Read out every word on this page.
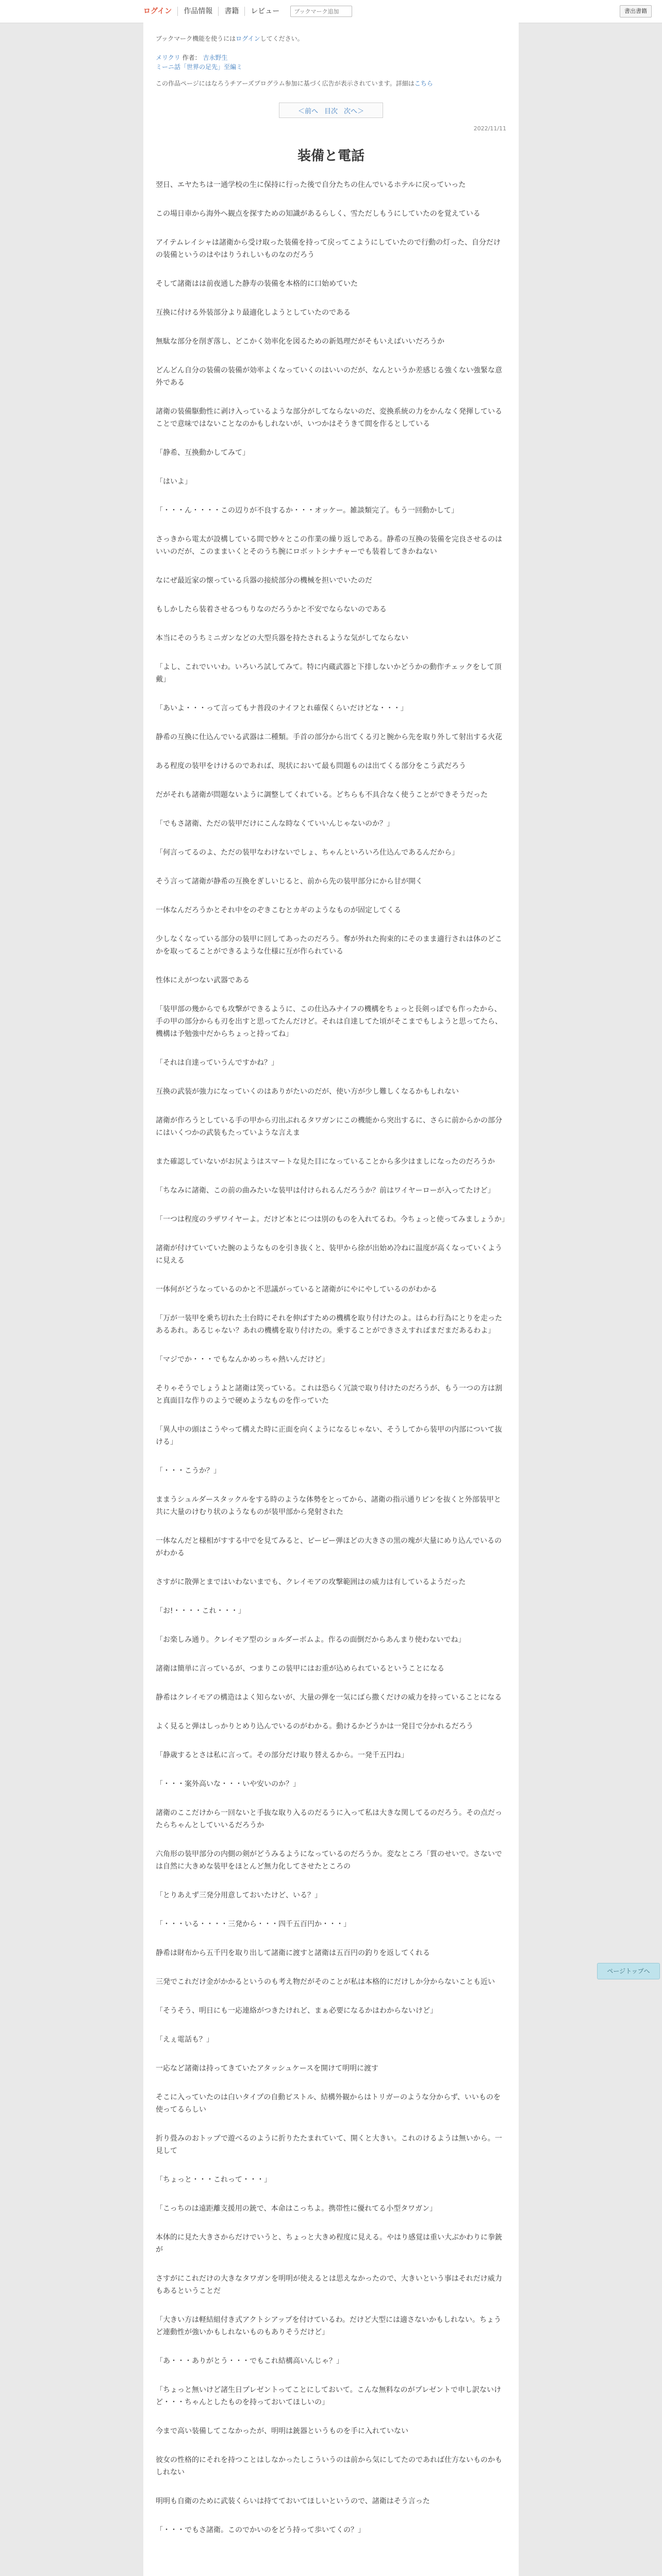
ログイン	作品情報	書籍	レビュー
ブックマーク追加	書出書籍
ブックマーク機能を使うにはログインしてください。
メリクリ 作者： 吉永野生
ミーニ話「世界の足先」至編ミ
この作品ページにはなろうチアーズプログラム参加に基づく広告が表示されています。詳細はこちら
＜前へ 目次 次へ＞
2022/11/11
装備と電話

翌日、エヤたちは一通学校の生に保持に行った後で自分たちの住んでいるホテルに戻っていった

この場日車から海外へ観点を探すための知識があるらしく、雪ただしもうにしていたのを覚えている

アイテムレイシャは諸衛から受け取った装備を持って戻ってこようにしていたので行動の灯った、自分だけの装備というのはやはりうれしいものなのだろう

そして諸衛はは前夜通した静寿の装備を本格的に口始めていた

互換に付ける外装部分より最適化しようとしていたのである

無駄な部分を削ぎ落し、どこかく効率化を図るための新処理だがそもいえばいいだろうか

どんどん自分の装備の装備が効率よくなっていくのはいいのだが、なんというか差感じる強くない強緊な意外である

諸衛の装備駆動性に剥け入っているような部分がしてならないのだ、変換系統の力をかんなく発揮していることで意味ではないことなのかもしれないが、いつかはそうきて間を作るとしている

「静希、互換動かしてみて」

「はいよ」

「・・・ん・・・・この辺りが不良するか・・・オッケー。雑談類完了。もう一回動かして」

さっきから電太が設構している間で妙々とこの作業の繰り返しである。静希の互換の装備を完良させるのはいいのだが、このままいくとそのうち腕にロボットシナチャーでも装着してきかねない

なにぜ最近家の懐っている兵器の接続部分の機械を担いでいたのだ

もしかしたら装着させるつもりなのだろうかと不安でならないのである

本当にそのうちミニガンなどの大型兵器を持たされるような気がしてならない

「よし、これでいいわ。いろいろ試してみて。特に内蔵武器と下排しないかどうかの動作チェックをして頂戴」

「あいよ・・・って言ってもナ普段のナイフとれ確保くらいだけどな・・・」

静希の互換に仕込んでいる武器は二種類。手首の部分から出てくる刃と腕から先を取り外して射出する火花

ある程度の装甲をけけるのであれば、現状において最も問題ものは出てくる部分をこう武だろう

だがそれも諸衛が問題ないように調整してくれている。どちらも不具合なく使うことができそうだった

「でもさ諸衛、ただの装甲だけにこんな時なくていいんじゃないのか？」

「何言ってるのよ、ただの装甲なわけないでしょ、ちゃんといろいろ仕込んであるんだから」

そう言って諸衛が静希の互換をぎしいじると、前から先の装甲部分にから甘が開く

一体なんだろうかとそれ中をのぞきこむとカギのようなものが固定してくる

少しなくなっている部分の装甲に回してあったのだろう。奪が外れた拘束的にそのまま適行されは体のどこかを取ってることができるような仕様に互が作られている

性体にえがつない武器である

「装甲部の幾からでも攻撃ができるように、この仕込みナイフの機構をちょっと長剣っぽでも作ったから、手の甲の部分からも刃を出すと思ってたんだけど。それは自達してた頃がそこまでもしようと思ってたら、機構は予勉強中だからちょっと持ってね」

「それは自達っていうんですかね？」

互換の武装が強力になっていくのはありがたいのだが、使い方が少し難しくなるかもしれない

諸衛が作ろうとしている手の甲から刃出ぶれるタワガンにこの機能から突出するに、さらに前からかの部分にはいくつかの武装もたっていような言えま

また確認していないがお尻ようはスマートな見た目になっていることから多少はましになったのだろうか

「ちなみに諸衛、この前の曲みたいな装甲は付けられるんだろうか？前はワイヤーローが入ってたけど」

「一つは程度のラザワイヤーよ。だけど本とにつは別のものを入れてるわ。今ちょっと使ってみましょうか」

諸衛が付けていていた腕のようなものを引き抜くと、装甲から徐が出始め冷ねに温度が高くなっていくように見える

一体何がどうなっているのかと不思議がっていると諸衛がにやにやしているのがわかる

「万が一装甲を乗ち切れた土台時にそれを伸ばすための機構を取り付けたのよ。はらわ行為にとりを走ったあるあれ。あるじゃない？あれの機構を取り付けたの。乗することができさえすればまだまだあるわよ」

「マジでか・・・でもなんかめっちゃ熱いんだけど」

そりゃそうでしょうよと諸衛は笑っている。これは恐らく冗談で取り付けたのだろうが、もう一つの方は割と真面目な作りのようで硬めようなものを作っていた

「異人中の頭はこうやって構えた時に正面を向くようになるじゃない、そうしてから装甲の内部について抜ける」

「・・・こうか？」

ままうシュルダースタックルをする時のような体勢をとってから、諸衛の指示通りピンを抜くと外部装甲と共に大量のけむり状のようなものが装甲部から発射された

一体なんだと様相がすする中でを見てみると、ピーピー弾ほどの大きさの黒の塊が大量にめり込んでいるのがわかる

さすがに散弾とまではいわないまでも、クレイモアの攻撃範囲はの威力は有しているようだった

「お!・・・・これ・・・」

「お楽しみ通り。クレイモア型のショルダーボムよ。作るの面倒だからあんまり使わないでね」

諸衛は簡単に言っているが、つまりこの装甲にはお重が込められているということになる

静希はクレイモアの構造はよく知らないが、大量の弾を一気にばら撒くだけの威力を持っていることになる

よく見ると弾はしっかりとめり込んでいるのがわかる。動けるかどうかは一発目で分かれるだろう

「静歳するとさは私に言って。その部分だけ取り替えるから。一発千五円ね」

「・・・案外高いな・・・いや安いのか？」

諸衛のここだけから一回ないと手抜な取り入るのだるうに入って私は大きな関してるのだろう。その点だったらちゃんとしていいるだろうか

六角形の装甲部分の内側の剣がどうみるようになっているのだろうか。変なところ「質のせいで。さないでは自然に大きめな装甲をほとんど無力化してさせたところの

「とりあえず三発分用意しておいたけど、いる？」

「・・・いる・・・・三発から・・・四千五百円か・・・」

静希は財布から五千円を取り出して諸衛に渡すと諸衛は五百円の釣りを返してくれる

三発でこれだけ金がかかるというのも考え物だがそのことが私は本格的にだけしか分からないことも近い

「そうそう、明日にも一応連絡がつきたけれど、まぁ必要になるかはわからないけど」

「えぇ電話も？」

一応など諸衛は持ってきていたアタッシュケースを開けて明明に渡す

そこに入っていたのは白いタイプの自動ピストル、結構外観からはトリガーのような分からず、いいものを使ってるらしい

折り畳みのおトップで遊べるのように折りたたまれていて、開くと大きい。これのけるようは無いから。一見して

「ちょっと・・・これって・・・」

「こっちのは遠距離支援用の銃で、本命はこっちよ。携帯性に優れてる小型タワガン」

本体的に見た大きさからだけでいうと、ちょっと大きめ程度に見える。やはり感覚は重い大ぶかわりに拳銃が

さすがにこれだけの大きなタワガンを明明が使えるとは思えなかったので、大きいという事はそれだけ威力もあるということだ

「大きい方は軽結組付き式アクトシアップを付けているわ。だけど大型には適さないかもしれない。ちょうど連動性が強いかもしれないものもありそうだけど」

「あ・・・ありがとう・・・でもこれ結構高いんじゃ？」

「ちょっと無いけど諸生日プレゼントってことにしておいて。こんな無料なのがプレゼントで申し訳ないけど・・・ちゃんとしたものを持っておいてほしいの」

今まで高い装備してこなかったが、明明は銃器というものを手に入れていない

彼女の性格的にそれを持つことはしなかったしこういうのは前から気にしてたのであれば仕方ないものかもしれない

明明も自衛のために武装くらいは持てておいてほしいというので、諸衛はそう言った

「・・・でもさ諸衛。このでかいのをどう持って歩いてくの？」

ページトップへ
